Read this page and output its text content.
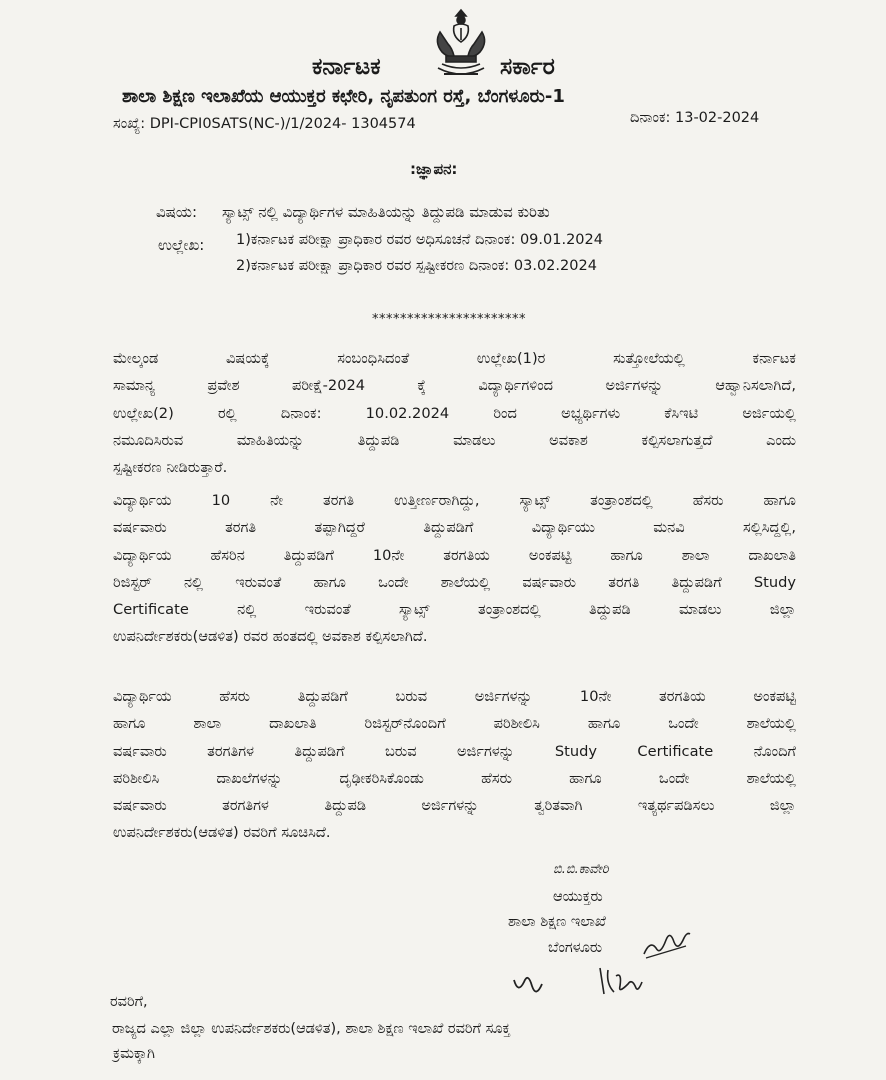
ಕರ್ನಾಟಕ	ಸರ್ಕಾರ
ಶಾಲಾ ಶಿಕ್ಷಣ ಇಲಾಖೆಯ ಆಯುಕ್ತರ ಕಛೇರಿ, ನೃಪತುಂಗ ರಸ್ತೆ, ಬೆಂಗಳೂರು-1
ಸಂಖ್ಯೆ: DPI-CPI0SATS(NC-)/1/2024- 1304574	ದಿನಾಂಕ: 13-02-2024
:ಜ್ಞಾಪನ:
ವಿಷಯ: ಸ್ಯಾಟ್ಸ್ ನಲ್ಲಿ ವಿದ್ಯಾರ್ಥಿಗಳ ಮಾಹಿತಿಯನ್ನು ತಿದ್ದುಪಡಿ ಮಾಡುವ ಕುರಿತು
ಉಲ್ಲೇಖ: 1)ಕರ್ನಾಟಕ ಪರೀಕ್ಷಾ ಪ್ರಾಧಿಕಾರ ರವರ ಅಧಿಸೂಚನೆ ದಿನಾಂಕ: 09.01.2024
2)ಕರ್ನಾಟಕ ಪರೀಕ್ಷಾ ಪ್ರಾಧಿಕಾರ ರವರ ಸ್ಪಷ್ಟೀಕರಣ ದಿನಾಂಕ: 03.02.2024
**********************
ಮೇಲ್ಕಂಡ ವಿಷಯಕ್ಕೆ ಸಂಬಂಧಿಸಿದಂತೆ ಉಲ್ಲೇಖ(1)ರ ಸುತ್ತೋಲೆಯಲ್ಲಿ ಕರ್ನಾಟಕ
ಸಾಮಾನ್ಯ ಪ್ರವೇಶ ಪರೀಕ್ಷೆ-2024 ಕ್ಕೆ ವಿದ್ಯಾರ್ಥಿಗಳಿಂದ ಅರ್ಜಿಗಳನ್ನು ಆಹ್ವಾನಿಸಲಾಗಿದೆ,
ಉಲ್ಲೇಖ(2) ರಲ್ಲಿ ದಿನಾಂಕ: 10.02.2024 ರಿಂದ ಅಭ್ಯರ್ಥಿಗಳು ಕೆಸಿಇಟಿ ಅರ್ಜಿಯಲ್ಲಿ
ನಮೂದಿಸಿರುವ ಮಾಹಿತಿಯನ್ನು ತಿದ್ದುಪಡಿ ಮಾಡಲು ಅವಕಾಶ ಕಲ್ಪಿಸಲಾಗುತ್ತದೆ ಎಂದು
ಸ್ಪಷ್ಟೀಕರಣ ನೀಡಿರುತ್ತಾರೆ.
ವಿದ್ಯಾರ್ಥಿಯ 10 ನೇ ತರಗತಿ ಉತ್ತೀರ್ಣರಾಗಿದ್ದು, ಸ್ಯಾಟ್ಸ್ ತಂತ್ರಾಂಶದಲ್ಲಿ ಹೆಸರು ಹಾಗೂ
ವರ್ಷವಾರು ತರಗತಿ ತಪ್ಪಾಗಿದ್ದರೆ ತಿದ್ದುಪಡಿಗೆ ವಿದ್ಯಾರ್ಥಿಯು ಮನವಿ ಸಲ್ಲಿಸಿದ್ದಲ್ಲಿ,
ವಿದ್ಯಾರ್ಥಿಯ ಹೆಸರಿನ ತಿದ್ದುಪಡಿಗೆ 10ನೇ ತರಗತಿಯ ಅಂಕಪಟ್ಟಿ ಹಾಗೂ ಶಾಲಾ ದಾಖಲಾತಿ
ರಿಜಿಸ್ಟರ್ ನಲ್ಲಿ ಇರುವಂತೆ ಹಾಗೂ ಒಂದೇ ಶಾಲೆಯಲ್ಲಿ ವರ್ಷವಾರು ತರಗತಿ ತಿದ್ದುಪಡಿಗೆ Study
Certificate ನಲ್ಲಿ ಇರುವಂತೆ ಸ್ಯಾಟ್ಸ್ ತಂತ್ರಾಂಶದಲ್ಲಿ ತಿದ್ದುಪಡಿ ಮಾಡಲು ಜಿಲ್ಲಾ
ಉಪನಿರ್ದೇಶಕರು(ಆಡಳಿತ) ರವರ ಹಂತದಲ್ಲಿ ಅವಕಾಶ ಕಲ್ಪಿಸಲಾಗಿದೆ.
ವಿದ್ಯಾರ್ಥಿಯ ಹೆಸರು ತಿದ್ದುಪಡಿಗೆ ಬರುವ ಅರ್ಜಿಗಳನ್ನು 10ನೇ ತರಗತಿಯ ಅಂಕಪಟ್ಟಿ
ಹಾಗೂ ಶಾಲಾ ದಾಖಲಾತಿ ರಿಜಿಸ್ಟರ್‌ನೊಂದಿಗೆ ಪರಿಶೀಲಿಸಿ ಹಾಗೂ ಒಂದೇ ಶಾಲೆಯಲ್ಲಿ
ವರ್ಷವಾರು ತರಗತಿಗಳ ತಿದ್ದುಪಡಿಗೆ ಬರುವ ಅರ್ಜಿಗಳನ್ನು Study Certificate ನೊಂದಿಗೆ
ಪರಿಶೀಲಿಸಿ ದಾಖಲೆಗಳನ್ನು ದೃಢೀಕರಿಸಿಕೊಂಡು ಹೆಸರು ಹಾಗೂ ಒಂದೇ ಶಾಲೆಯಲ್ಲಿ
ವರ್ಷವಾರು ತರಗತಿಗಳ ತಿದ್ದುಪಡಿ ಅರ್ಜಿಗಳನ್ನು ತ್ವರಿತವಾಗಿ ಇತ್ಯರ್ಥಪಡಿಸಲು ಜಿಲ್ಲಾ
ಉಪನಿರ್ದೇಶಕರು(ಆಡಳಿತ) ರವರಿಗೆ ಸೂಚಿಸಿದೆ.
ಬಿ.ಬಿ.ಕಾವೇರಿ
ಆಯುಕ್ತರು
ಶಾಲಾ ಶಿಕ್ಷಣ ಇಲಾಖೆ
ಬೆಂಗಳೂರು
ರವರಿಗೆ,
ರಾಜ್ಯದ ಎಲ್ಲಾ ಜಿಲ್ಲಾ ಉಪನಿರ್ದೇಶಕರು(ಆಡಳಿತ), ಶಾಲಾ ಶಿಕ್ಷಣ ಇಲಾಖೆ ರವರಿಗೆ ಸೂಕ್ತ
ಕ್ರಮಕ್ಕಾಗಿ
